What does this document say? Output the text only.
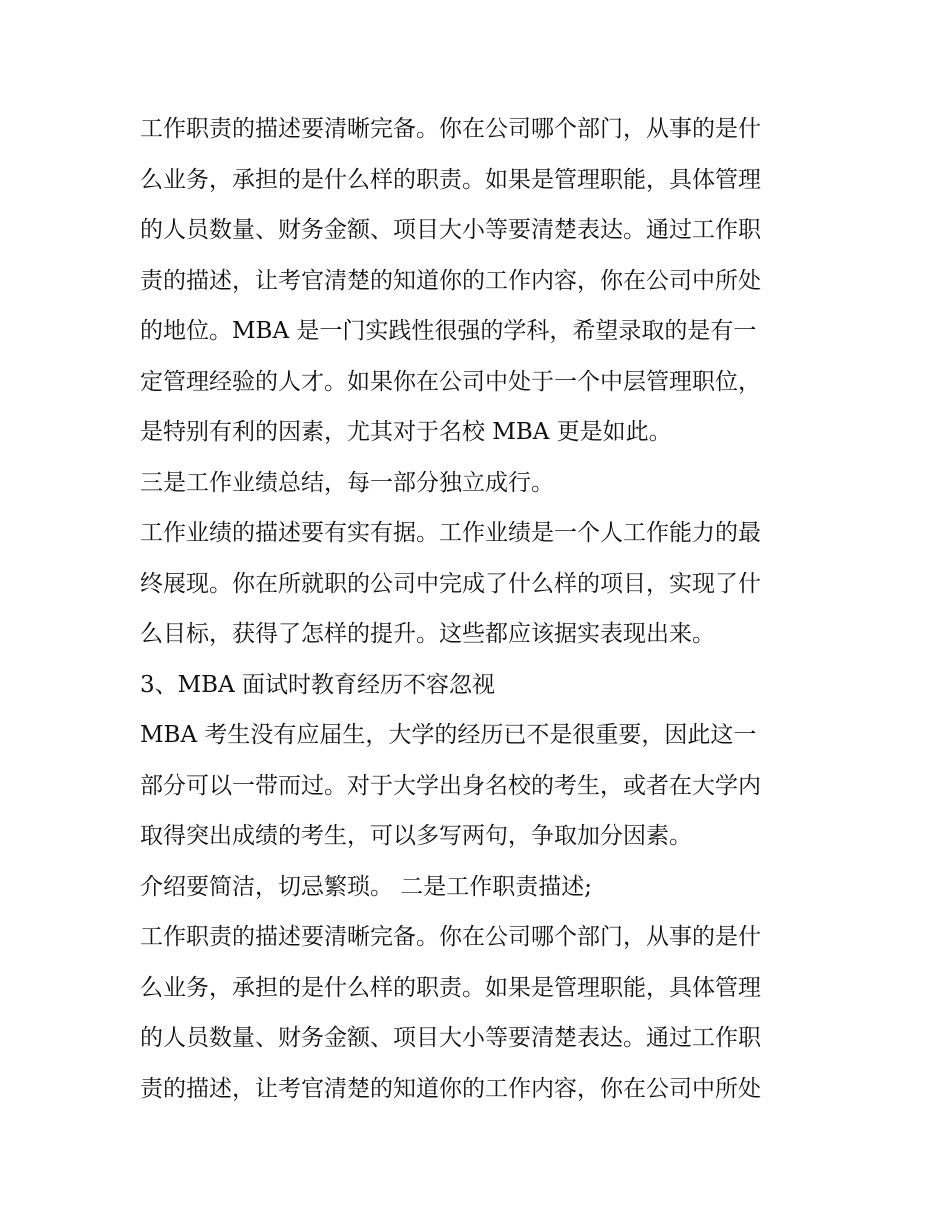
工作职责的描述要清晰完备。你在公司哪个部门，从事的是什
么业务，承担的是什么样的职责。如果是管理职能，具体管理
的人员数量、财务金额、项目大小等要清楚表达。通过工作职
责的描述，让考官清楚的知道你的工作内容，你在公司中所处
的地位。MBA 是一门实践性很强的学科，希望录取的是有一
定管理经验的人才。如果你在公司中处于一个中层管理职位，
是特别有利的因素，尤其对于名校 MBA 更是如此。
三是工作业绩总结，每一部分独立成行。
工作业绩的描述要有实有据。工作业绩是一个人工作能力的最
终展现。你在所就职的公司中完成了什么样的项目，实现了什
么目标，获得了怎样的提升。这些都应该据实表现出来。
3、MBA 面试时教育经历不容忽视
MBA 考生没有应届生，大学的经历已不是很重要，因此这一
部分可以一带而过。对于大学出身名校的考生，或者在大学内
取得突出成绩的考生，可以多写两句，争取加分因素。
介绍要简洁，切忌繁琐。 二是工作职责描述;
工作职责的描述要清晰完备。你在公司哪个部门，从事的是什
么业务，承担的是什么样的职责。如果是管理职能，具体管理
的人员数量、财务金额、项目大小等要清楚表达。通过工作职
责的描述，让考官清楚的知道你的工作内容，你在公司中所处
